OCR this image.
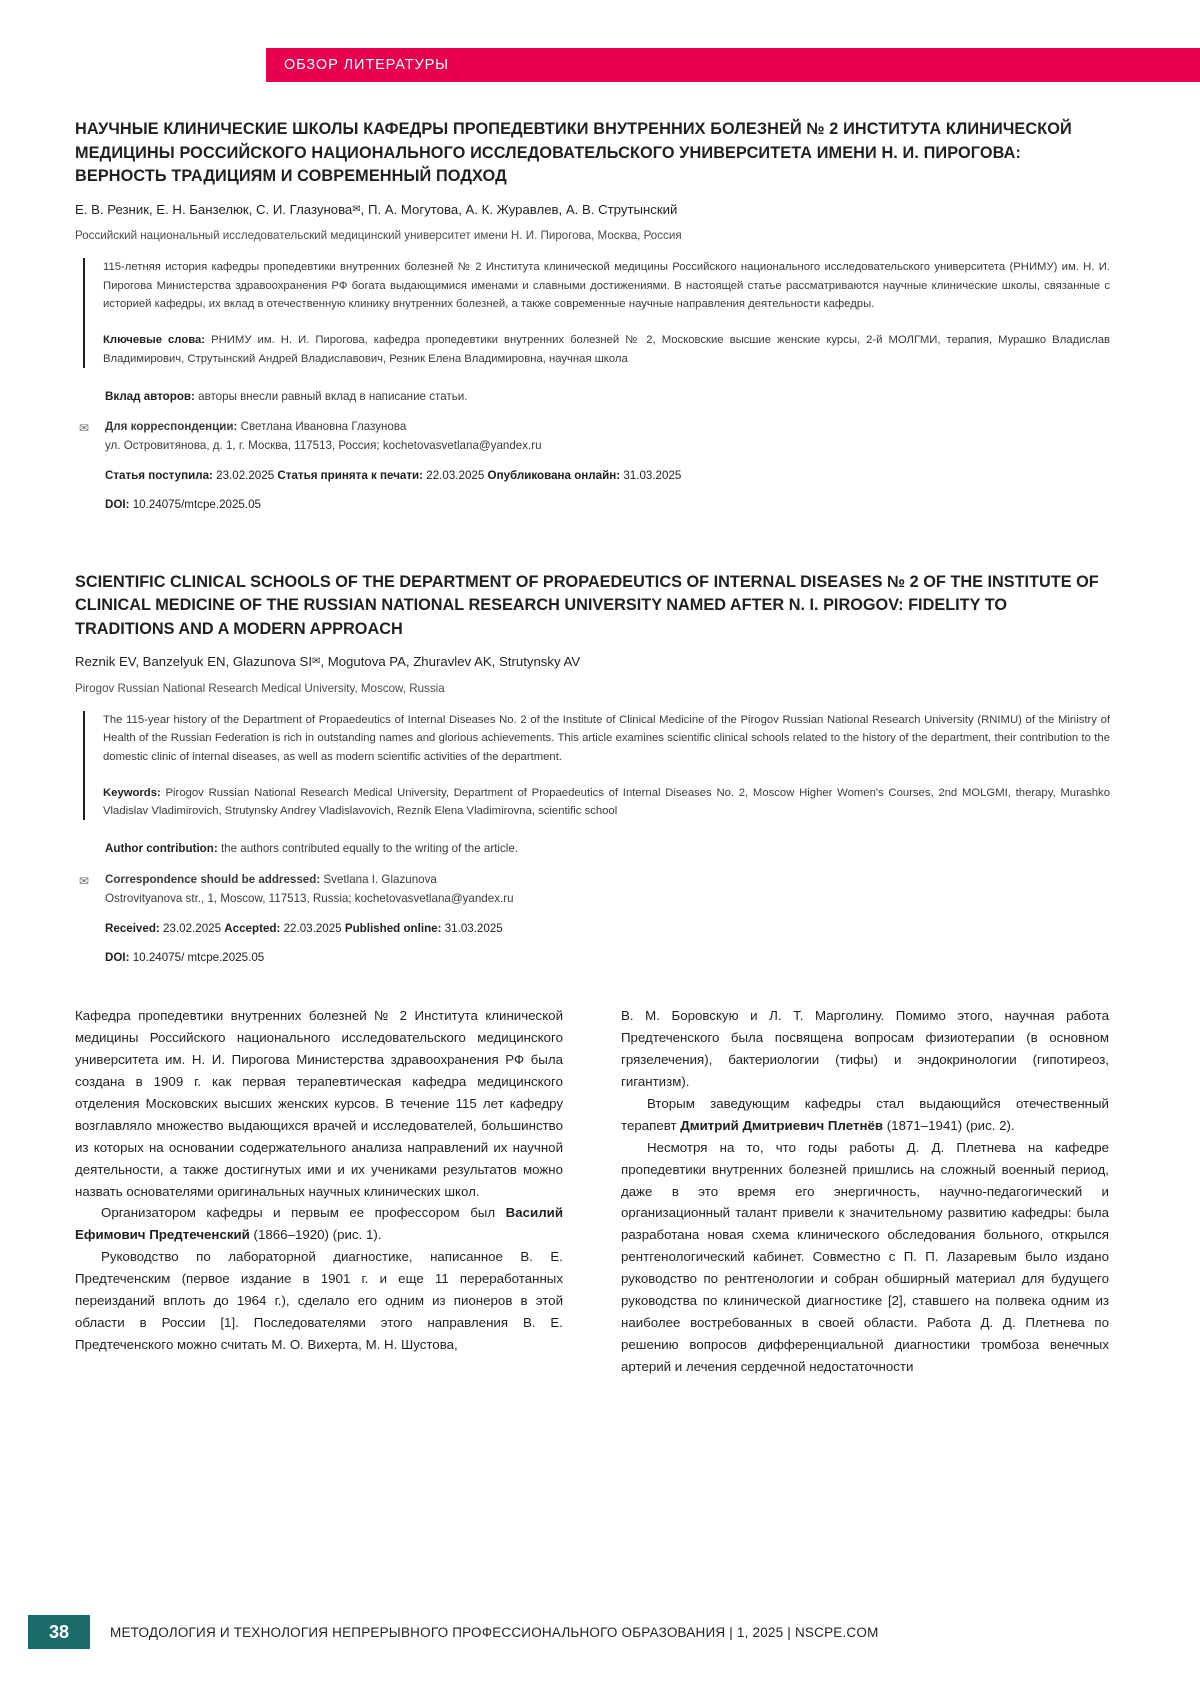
ОБЗОР ЛИТЕРАТУРЫ
НАУЧНЫЕ КЛИНИЧЕСКИЕ ШКОЛЫ КАФЕДРЫ ПРОПЕДЕВТИКИ ВНУТРЕННИХ БОЛЕЗНЕЙ № 2 ИНСТИТУТА КЛИНИЧЕСКОЙ МЕДИЦИНЫ РОССИЙСКОГО НАЦИОНАЛЬНОГО ИССЛЕДОВАТЕЛЬСКОГО УНИВЕРСИТЕТА ИМЕНИ Н. И. ПИРОГОВА: ВЕРНОСТЬ ТРАДИЦИЯМ И СОВРЕМЕННЫЙ ПОДХОД

Е. В. Резник, Е. Н. Банзелюк, С. И. Глазунова✉, П. А. Могутова, А. К. Журавлев, А. В. Струтынский

Российский национальный исследовательский медицинский университет имени Н. И. Пирогова, Москва, Россия

115-летняя история кафедры пропедевтики внутренних болезней № 2 Института клинической медицины Российского национального исследовательского университета (РНИМУ) им. Н. И. Пирогова Министерства здравоохранения РФ богата выдающимися именами и славными достижениями. В настоящей статье рассматриваются научные клинические школы, связанные с историей кафедры, их вклад в отечественную клинику внутренних болезней, а также современные научные направления деятельности кафедры.

Ключевые слова: РНИМУ им. Н. И. Пирогова, кафедра пропедевтики внутренних болезней № 2, Московские высшие женские курсы, 2-й МОЛГМИ, терапия, Мурашко Владислав Владимирович, Струтынский Андрей Владиславович, Резник Елена Владимировна, научная школа

Вклад авторов: авторы внесли равный вклад в написание статьи.

✉ Для корреспонденции: Светлана Ивановна Глазунова
ул. Островитянова, д. 1, г. Москва, 117513, Россия; kochetovasvetlana@yandex.ru

Статья поступила: 23.02.2025 Статья принята к печати: 22.03.2025 Опубликована онлайн: 31.03.2025

DOI: 10.24075/mtcpe.2025.05

SCIENTIFIC CLINICAL SCHOOLS OF THE DEPARTMENT OF PROPAEDEUTICS OF INTERNAL DISEASES № 2 OF THE INSTITUTE OF CLINICAL MEDICINE OF THE RUSSIAN NATIONAL RESEARCH UNIVERSITY NAMED AFTER N. I. PIROGOV: FIDELITY TO TRADITIONS AND A MODERN APPROACH

Reznik EV, Banzelyuk EN, Glazunova SI✉, Mogutova PA, Zhuravlev AK, Strutynsky AV

Pirogov Russian National Research Medical University, Moscow, Russia

The 115-year history of the Department of Propaedeutics of Internal Diseases No. 2 of the Institute of Clinical Medicine of the Pirogov Russian National Research University (RNIMU) of the Ministry of Health of the Russian Federation is rich in outstanding names and glorious achievements. This article examines scientific clinical schools related to the history of the department, their contribution to the domestic clinic of internal diseases, as well as modern scientific activities of the department.

Keywords: Pirogov Russian National Research Medical University, Department of Propaedeutics of Internal Diseases No. 2, Moscow Higher Women's Courses, 2nd MOLGMI, therapy, Murashko Vladislav Vladimirovich, Strutynsky Andrey Vladislavovich, Reznik Elena Vladimirovna, scientific school

Author contribution: the authors contributed equally to the writing of the article.

✉ Correspondence should be addressed: Svetlana I. Glazunova
Ostrovityanova str., 1, Moscow, 117513, Russia; kochetovasvetlana@yandex.ru

Received: 23.02.2025 Accepted: 22.03.2025 Published online: 31.03.2025

DOI: 10.24075/ mtcpe.2025.05

Кафедра пропедевтики внутренних болезней № 2 Института клинической медицины Российского национального исследовательского медицинского университета им. Н. И. Пирогова Министерства здравоохранения РФ была создана в 1909 г. как первая терапевтическая кафедра медицинского отделения Московских высших женских курсов. В течение 115 лет кафедру возглавляло множество выдающихся врачей и исследователей, большинство из которых на основании содержательного анализа направлений их научной деятельности, а также достигнутых ими и их учениками результатов можно назвать основателями оригинальных научных клинических школ.

Организатором кафедры и первым ее профессором был Василий Ефимович Предтеченский (1866–1920) (рис. 1).

Руководство по лабораторной диагностике, написанное В. Е. Предтеченским (первое издание в 1901 г. и еще 11 переработанных переизданий вплоть до 1964 г.), сделало его одним из пионеров в этой области в России [1]. Последователями этого направления В. Е. Предтеченского можно считать М. О. Вихерта, М. Н. Шустова,

В. М. Боровскую и Л. Т. Марголину. Помимо этого, научная работа Предтеченского была посвящена вопросам физиотерапии (в основном грязелечения), бактериологии (тифы) и эндокринологии (гипотиреоз, гигантизм).

Вторым заведующим кафедры стал выдающийся отечественный терапевт Дмитрий Дмитриевич Плетнёв (1871–1941) (рис. 2).

Несмотря на то, что годы работы Д. Д. Плетнева на кафедре пропедевтики внутренних болезней пришлись на сложный военный период, даже в это время его энергичность, научно-педагогический и организационный талант привели к значительному развитию кафедры: была разработана новая схема клинического обследования больного, открылся рентгенологический кабинет. Совместно с П. П. Лазаревым было издано руководство по рентгенологии и собран обширный материал для будущего руководства по клинической диагностике [2], ставшего на полвека одним из наиболее востребованных в своей области. Работа Д. Д. Плетнева по решению вопросов дифференциальной диагностики тромбоза венечных артерий и лечения сердечной недостаточности

38	МЕТОДОЛОГИЯ И ТЕХНОЛОГИЯ НЕПРЕРЫВНОГО ПРОФЕССИОНАЛЬНОГО ОБРАЗОВАНИЯ | 1, 2025 | NSCPE.COM
